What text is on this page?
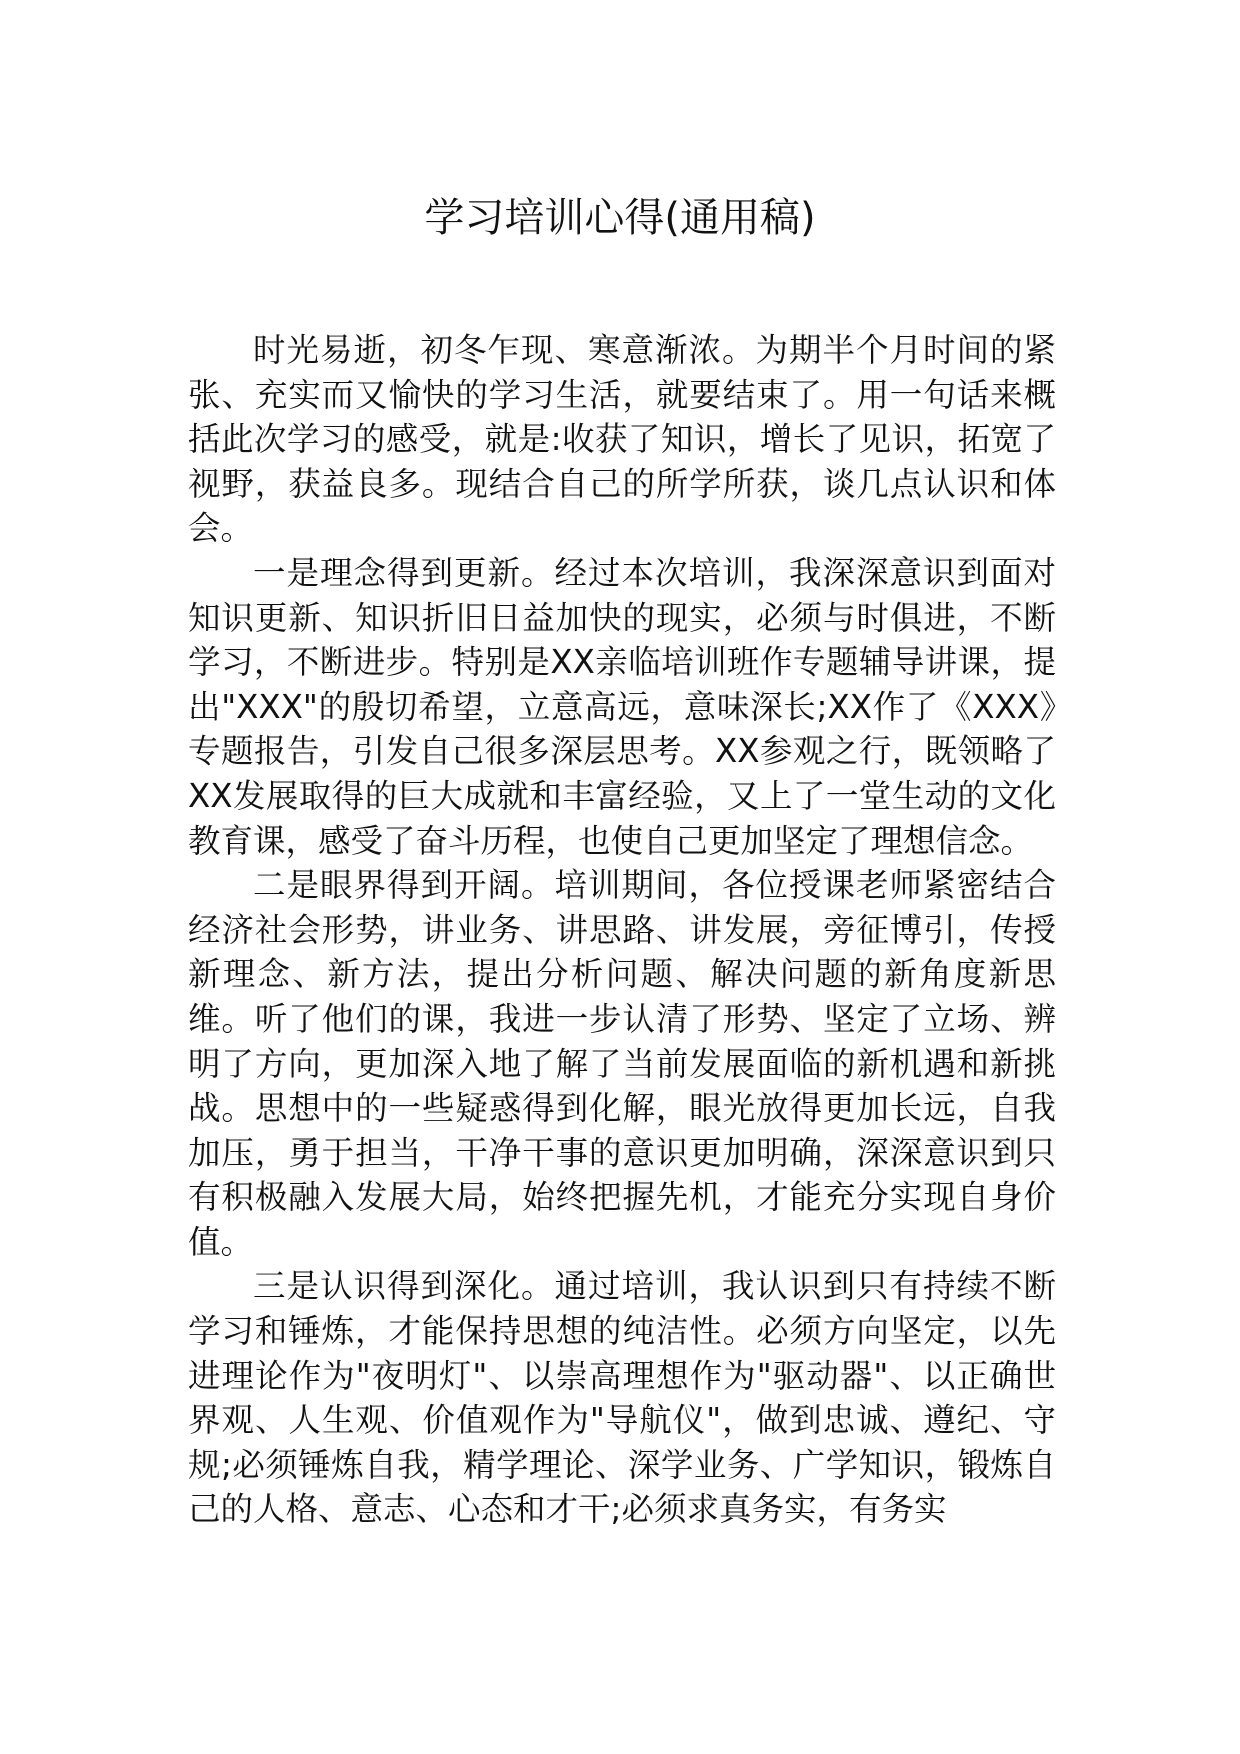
学习培训心得(通用稿)

时光易逝，初冬乍现、寒意渐浓。为期半个月时间的紧张、充实而又愉快的学习生活，就要结束了。用一句话来概括此次学习的感受，就是:收获了知识，增长了见识，拓宽了视野，获益良多。现结合自己的所学所获，谈几点认识和体会。

一是理念得到更新。经过本次培训，我深深意识到面对知识更新、知识折旧日益加快的现实，必须与时俱进，不断学习，不断进步。特别是XX亲临培训班作专题辅导讲课，提出"XXX"的殷切希望，立意高远，意味深长;XX作了《XXX》专题报告，引发自己很多深层思考。XX参观之行，既领略了XX发展取得的巨大成就和丰富经验，又上了一堂生动的文化教育课，感受了奋斗历程，也使自己更加坚定了理想信念。

二是眼界得到开阔。培训期间，各位授课老师紧密结合经济社会形势，讲业务、讲思路、讲发展，旁征博引，传授新理念、新方法，提出分析问题、解决问题的新角度新思维。听了他们的课，我进一步认清了形势、坚定了立场、辨明了方向，更加深入地了解了当前发展面临的新机遇和新挑战。思想中的一些疑惑得到化解，眼光放得更加长远，自我加压，勇于担当，干净干事的意识更加明确，深深意识到只有积极融入发展大局，始终把握先机，才能充分实现自身价值。

三是认识得到深化。通过培训，我认识到只有持续不断学习和锤炼，才能保持思想的纯洁性。必须方向坚定，以先进理论作为"夜明灯"、以崇高理想作为"驱动器"、以正确世界观、人生观、价值观作为"导航仪"，做到忠诚、遵纪、守规;必须锤炼自我，精学理论、深学业务、广学知识，锻炼自己的人格、意志、心态和才干;必须求真务实，有务实
